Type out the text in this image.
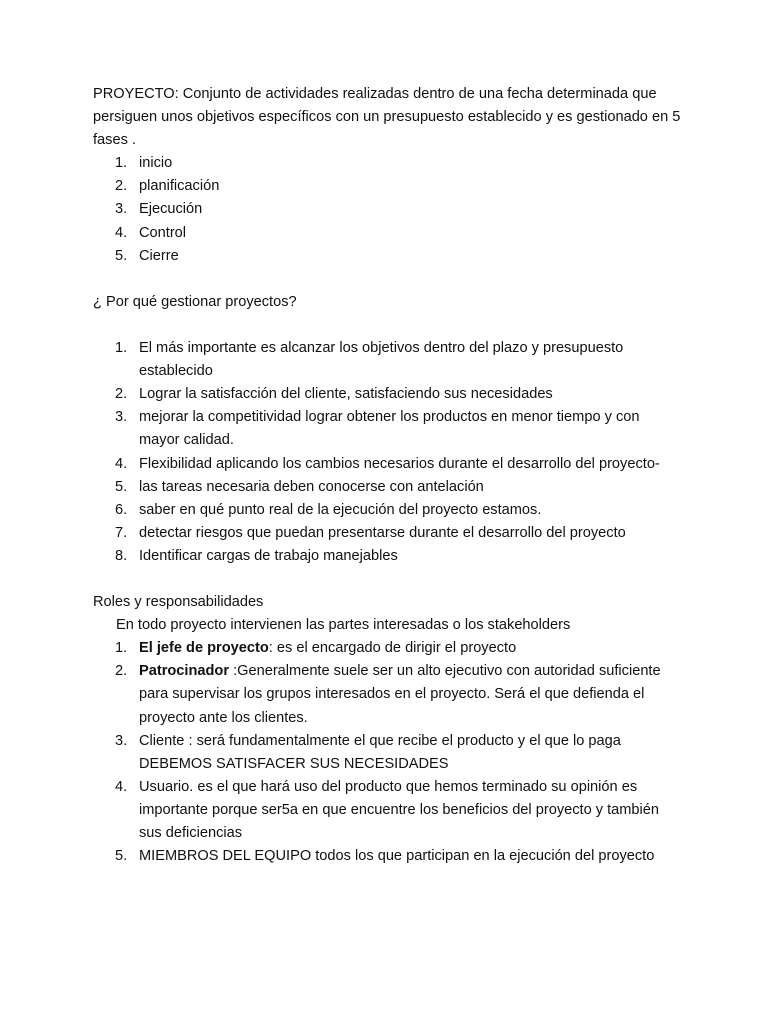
PROYECTO: Conjunto de actividades realizadas dentro de una fecha determinada que persiguen unos objetivos específicos con un presupuesto establecido y es gestionado en 5 fases .

1. inicio
2. planificación
3. Ejecución
4. Control
5. Cierre

¿ Por qué gestionar proyectos?

1. El más importante es alcanzar los objetivos dentro del plazo y presupuesto establecido
2. Lograr la satisfacción del cliente, satisfaciendo sus necesidades
3. mejorar la competitividad lograr obtener los productos en menor tiempo y con mayor calidad.
4. Flexibilidad aplicando los cambios necesarios durante el desarrollo del proyecto-
5. las tareas necesaria deben conocerse con antelación
6. saber en qué punto real de la ejecución del proyecto estamos.
7. detectar riesgos que puedan presentarse durante el desarrollo del proyecto
8. Identificar cargas de trabajo manejables

Roles y responsabilidades

En todo proyecto intervienen las partes interesadas o los stakeholders

1. El jefe de proyecto: es el encargado de dirigir el proyecto
2. Patrocinador :Generalmente suele ser un alto ejecutivo con autoridad suficiente para supervisar los grupos interesados en el proyecto. Será el que defienda el proyecto ante los clientes.
3. Cliente : será fundamentalmente el que recibe el producto y el que lo paga DEBEMOS SATISFACER SUS NECESIDADES
4. Usuario. es el que hará uso del producto que hemos terminado su opinión es importante porque ser5a en que encuentre los beneficios del proyecto y también sus deficiencias
5. MIEMBROS DEL EQUIPO todos los que participan en la ejecución del proyecto
